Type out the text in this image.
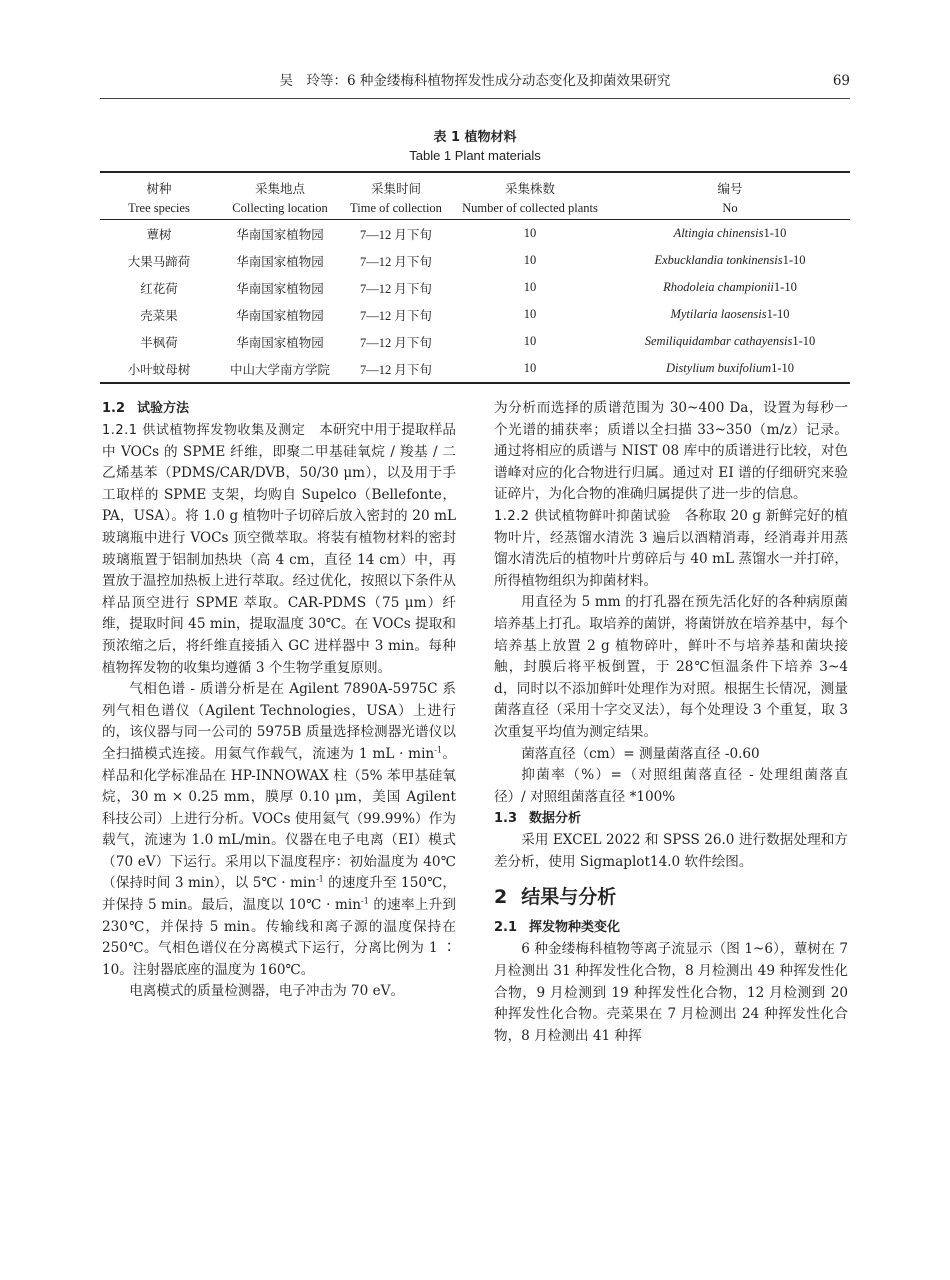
吴　玲等：6 种金缕梅科植物挥发性成分动态变化及抑菌效果研究	69
表 1 植物材料
Table 1 Plant materials
树种	采集地点	采集时间	采集株数	编号
Tree species	Collecting location	Time of collection	Number of collected plants	No
蕈树	华南国家植物园	7—12 月下旬	10	Altingia chinensis1-10
大果马蹄荷	华南国家植物园	7—12 月下旬	10	Exbucklandia tonkinensis1-10
红花荷	华南国家植物园	7—12 月下旬	10	Rhodoleia championii1-10
壳菜果	华南国家植物园	7—12 月下旬	10	Mytilaria laosensis1-10
半枫荷	华南国家植物园	7—12 月下旬	10	Semiliquidambar cathayensis1-10
小叶蚊母树	中山大学南方学院	7—12 月下旬	10	Distylium buxifolium1-10

1.2 试验方法

1.2.1 供试植物挥发物收集及测定　 本研究中用于提取样品中 VOCs 的 SPME 纤维，即聚二甲基硅氧烷 / 羧基 / 二乙烯基苯（PDMS/CAR/DVB，50/30 μm），以及用于手工取样的 SPME 支架，均购自 Supelco（Bellefonte，PA，USA）。将 1.0 g 植物叶子切碎后放入密封的 20 mL 玻璃瓶中进行 VOCs 顶空微萃取。将装有植物材料的密封玻璃瓶置于铝制加热块（高 4 cm，直径 14 cm）中，再置放于温控加热板上进行萃取。经过优化，按照以下条件从样品顶空进行 SPME 萃取。CAR-PDMS（75 μm）纤维，提取时间 45 min，提取温度 30℃。在 VOCs 提取和预浓缩之后，将纤维直接插入 GC 进样器中 3 min。每种植物挥发物的收集均遵循 3 个生物学重复原则。

气相色谱 - 质谱分析是在 Agilent 7890A-5975C 系列气相色谱仪（Agilent Technologies，USA）上进行的，该仪器与同一公司的 5975B 质量选择检测器光谱仪以全扫描模式连接。用氦气作载气，流速为 1 mL · $\min^{-1}$。样品和化学标准品在 HP-INNOWAX 柱（5% 苯甲基硅氧烷，30 m × 0.25 mm，膜厚 0.10 μm，美国 Agilent 科技公司）上进行分析。VOCs 使用氦气（99.99%）作为载气，流速为 1.0 mL/min。仪器在电子电离（EI）模式（70 eV）下运行。采用以下温度程序：初始温度为 40℃（保持时间 3 min），以 5℃ · $\min^{-1}$ 的速度升至 150℃，并保持 5 min。最后，温度以 10℃ · $\min^{-1}$ 的速率上升到 230℃，并保持 5 min。传输线和离子源的温度保持在 250℃。气相色谱仪在分离模式下运行，分离比例为 1 ∶ 10。注射器底座的温度为 160℃。

电离模式的质量检测器，电子冲击为 70 eV。

为分析而选择的质谱范围为 30~400 Da，设置为每秒一个光谱的捕获率；质谱以全扫描 33~350（m/z）记录。通过将相应的质谱与 NIST 08 库中的质谱进行比较，对色谱峰对应的化合物进行归属。通过对 EI 谱的仔细研究来验证碎片，为化合物的准确归属提供了进一步的信息。

1.2.2 供试植物鲜叶抑菌试验　 各称取 20 g 新鲜完好的植物叶片，经蒸馏水清洗 3 遍后以酒精消毒，经消毒并用蒸馏水清洗后的植物叶片剪碎后与 40 mL 蒸馏水一并打碎，所得植物组织为抑菌材料。

用直径为 5 mm 的打孔器在预先活化好的各种病原菌培养基上打孔。取培养的菌饼，将菌饼放在培养基中，每个培养基上放置 2 g 植物碎叶，鲜叶不与培养基和菌块接触，封膜后将平板倒置，于 28℃恒温条件下培养 3~4 d，同时以不添加鲜叶处理作为对照。根据生长情况，测量菌落直径（采用十字交叉法），每个处理设 3 个重复，取 3 次重复平均值为测定结果。

菌落直径（cm）= 测量菌落直径 -0.60

抑菌率（%）=（对照组菌落直径 - 处理组菌落直径）/ 对照组菌落直径 *100%

1.3 数据分析

采用 EXCEL 2022 和 SPSS 26.0 进行数据处理和方差分析，使用 Sigmaplot14.0 软件绘图。

2 结果与分析

2.1 挥发物种类变化

6 种金缕梅科植物等离子流显示（图 1~6），蕈树在 7 月检测出 31 种挥发性化合物，8 月检测出 49 种挥发性化合物，9 月检测到 19 种挥发性化合物，12 月检测到 20 种挥发性化合物。壳菜果在 7 月检测出 24 种挥发性化合物，8 月检测出 41 种挥
